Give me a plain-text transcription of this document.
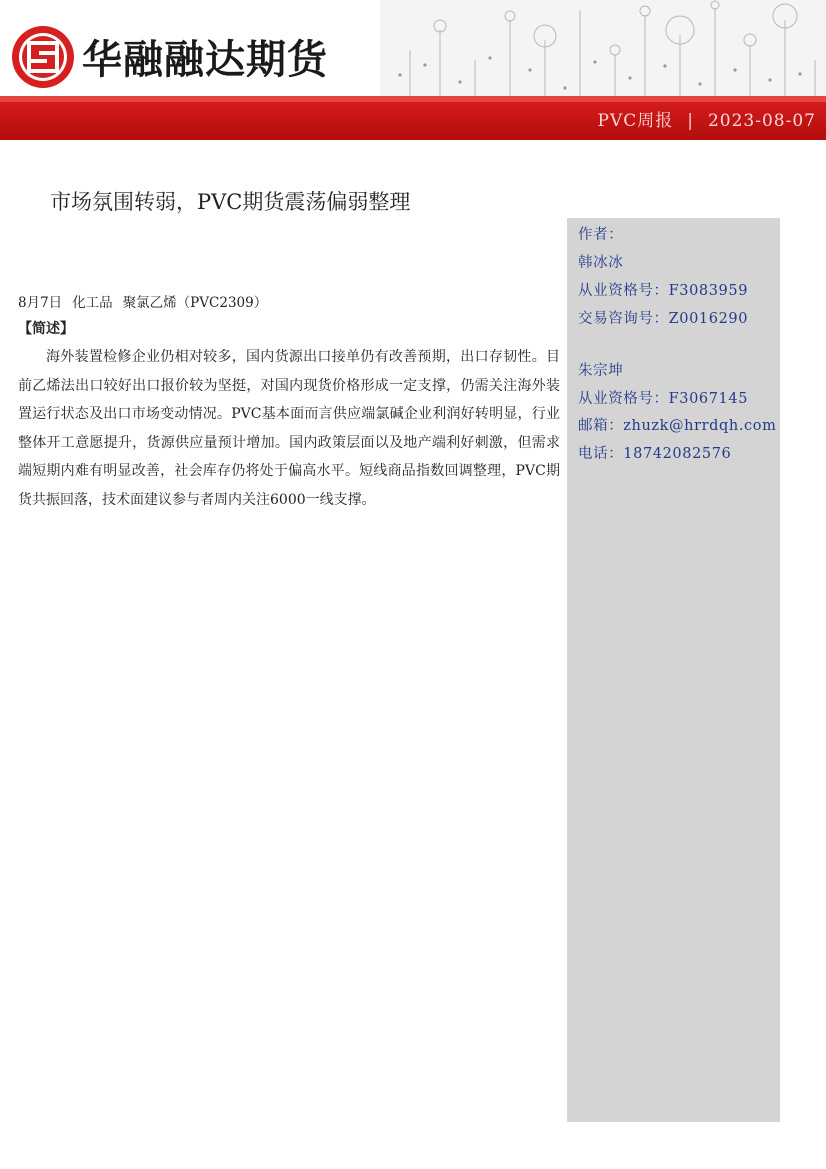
华融融达期货
PVC周报 | 2023-08-07
市场氛围转弱，PVC期货震荡偏弱整理
作者：
韩冰冰
从业资格号：F3083959
交易咨询号：Z0016290
朱宗坤
从业资格号：F3067145
邮箱：zhuzk@hrrdqh.com
电话：18742082576
8月7日 化工品 聚氯乙烯（PVC2309）
【简述】

海外装置检修企业仍相对较多，国内货源出口接单仍有改善预期，出口存韧性。目前乙烯法出口较好出口报价较为坚挺，对国内现货价格形成一定支撑，仍需关注海外装置运行状态及出口市场变动情况。PVC基本面而言供应端氯碱企业利润好转明显，行业整体开工意愿提升，货源供应量预计增加。国内政策层面以及地产端利好刺激，但需求端短期内难有明显改善，社会库存仍将处于偏高水平。短线商品指数回调整理，PVC期货共振回落，技术面建议参与者周内关注6000一线支撑。
